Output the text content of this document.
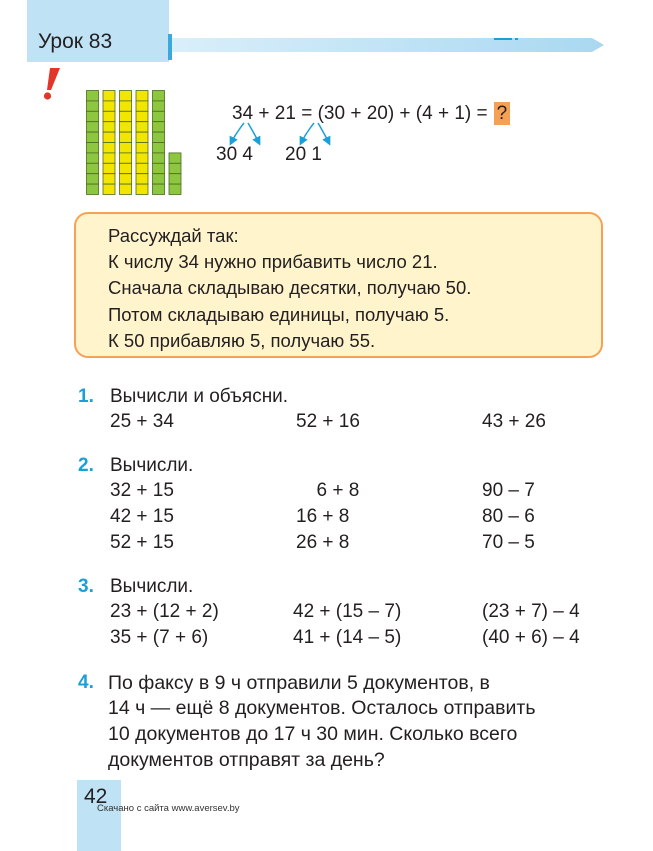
Урок 83
34 + 21 = (30 + 20) + (4 + 1) = ?
30 4 20 1
Рассуждай так:
К числу 34 нужно прибавить число 21.
Сначала складываю десятки, получаю 50.
Потом складываю единицы, получаю 5.
К 50 прибавляю 5, получаю 55.
1. Вычисли и объясни.
25 + 34	52 + 16	43 + 26
2. Вычисли.
32 + 15
42 + 15
52 + 15
6 + 8
16 + 8
26 + 8
90 – 7
80 – 6
70 – 5
3. Вычисли.
23 + (12 + 2)
35 + (7 + 6)
42 + (15 – 7)
41 + (14 – 5)
(23 + 7) – 4
(40 + 6) – 4
4. По факсу в 9 ч отправили 5 документов, в
14 ч — ещё 8 документов. Осталось отправить
10 документов до 17 ч 30 мин. Сколько всего
документов отправят за день?
42
Скачано с сайта www.aversev.by
